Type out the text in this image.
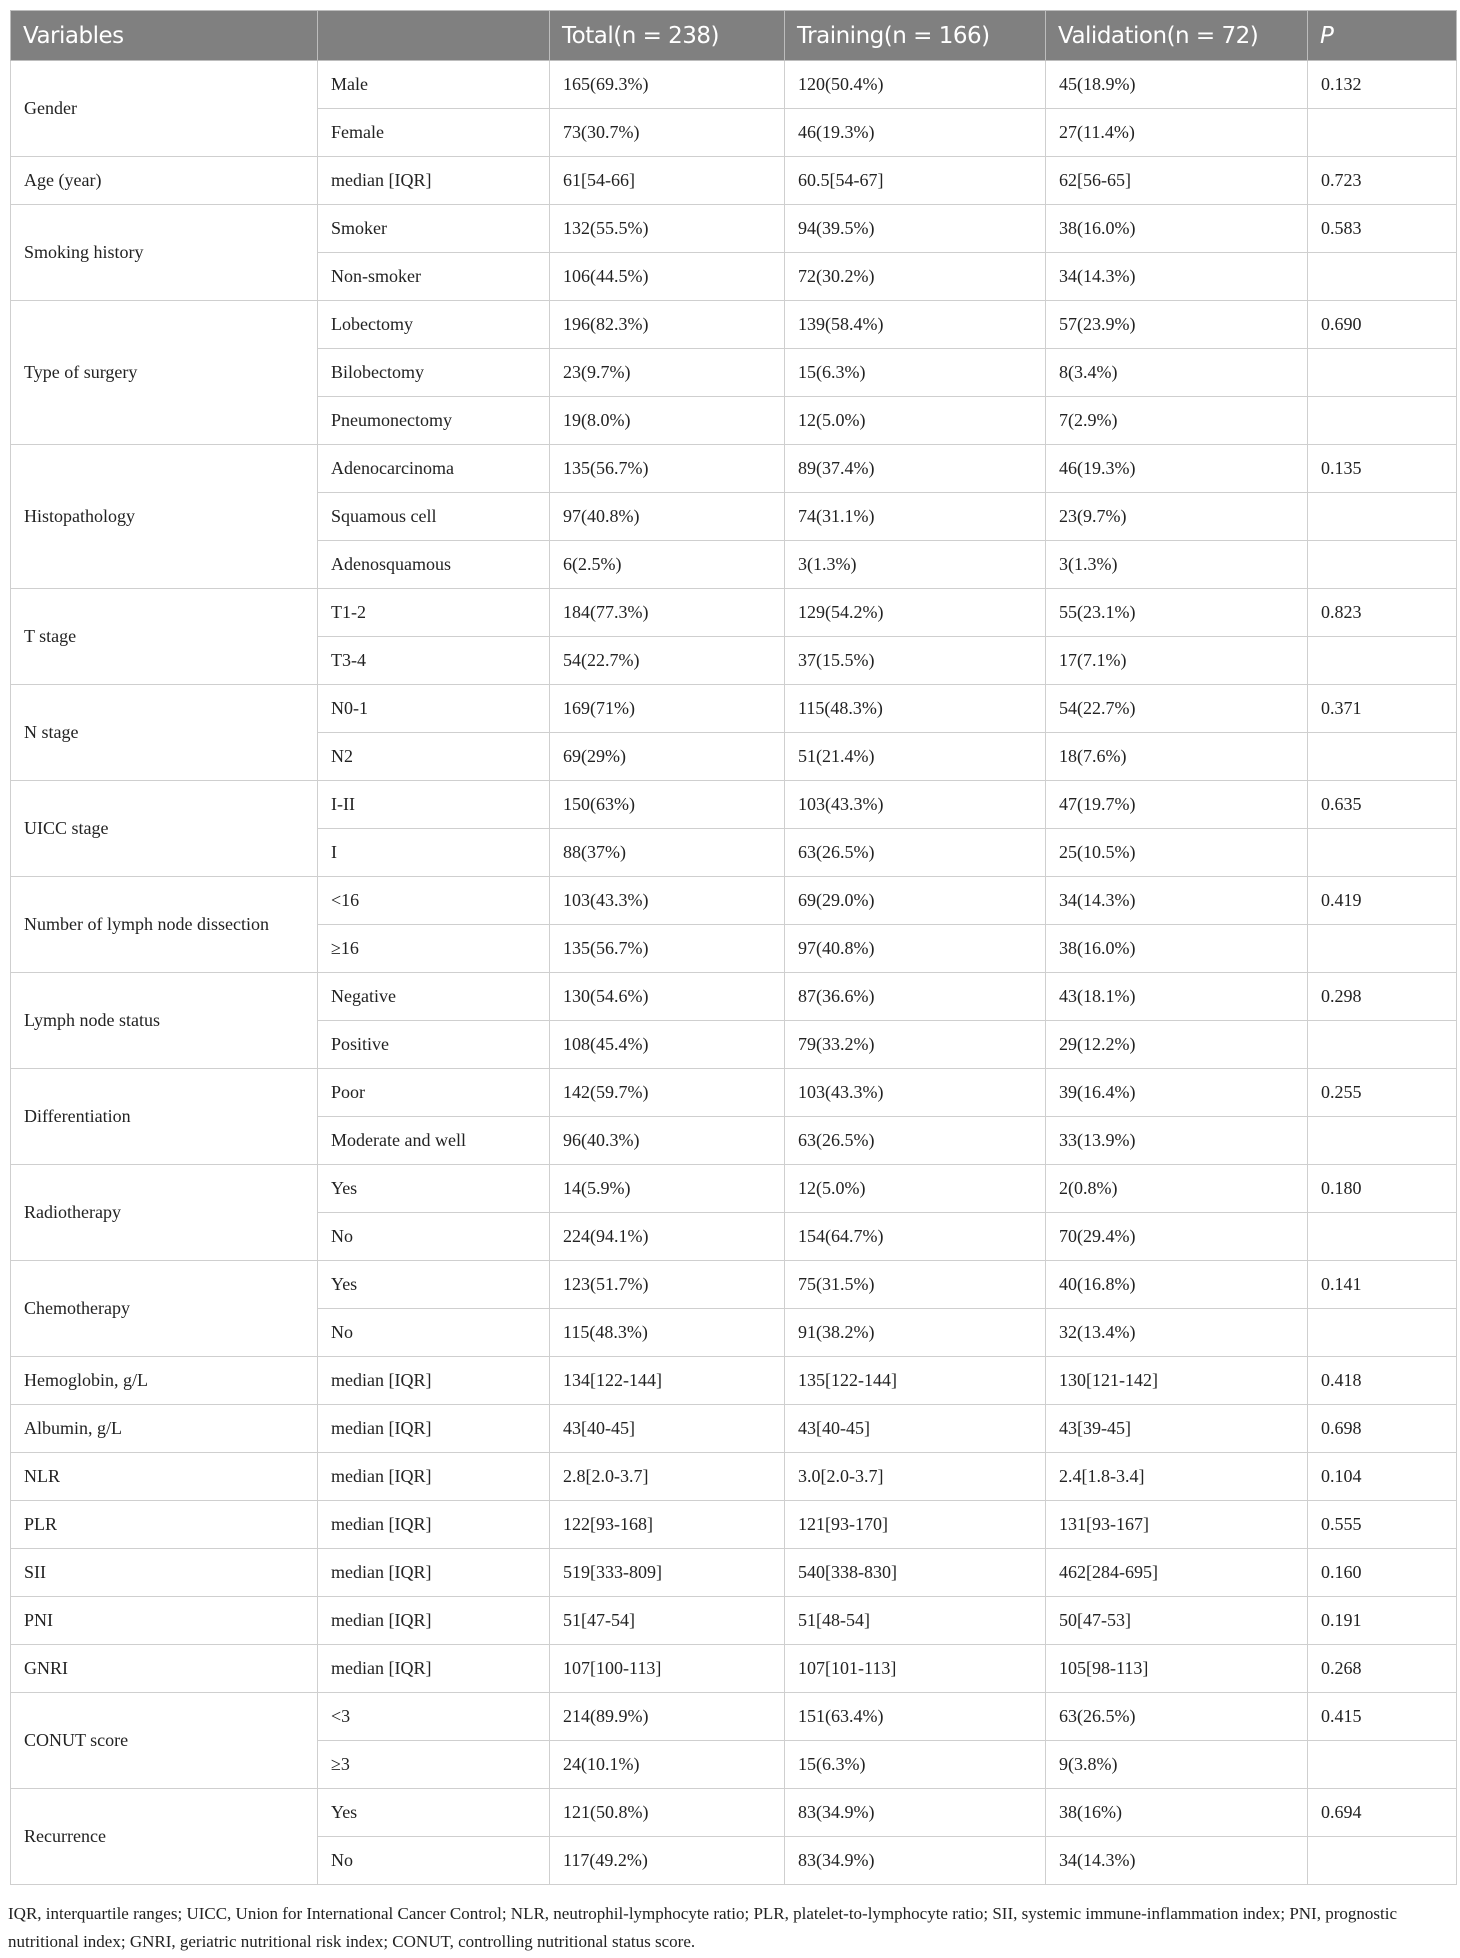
Variables		Total(n = 238)	Training(n = 166)	Validation(n = 72)	P
Gender	Male	165(69.3%)	120(50.4%)	45(18.9%)	0.132
	Female	73(30.7%)	46(19.3%)	27(11.4%)	
Age (year)	median [IQR]	61[54-66]	60.5[54-67]	62[56-65]	0.723
Smoking history	Smoker	132(55.5%)	94(39.5%)	38(16.0%)	0.583
	Non-smoker	106(44.5%)	72(30.2%)	34(14.3%)	
Type of surgery	Lobectomy	196(82.3%)	139(58.4%)	57(23.9%)	0.690
	Bilobectomy	23(9.7%)	15(6.3%)	8(3.4%)	
	Pneumonectomy	19(8.0%)	12(5.0%)	7(2.9%)	
Histopathology	Adenocarcinoma	135(56.7%)	89(37.4%)	46(19.3%)	0.135
	Squamous cell	97(40.8%)	74(31.1%)	23(9.7%)	
	Adenosquamous	6(2.5%)	3(1.3%)	3(1.3%)	
T stage	T1-2	184(77.3%)	129(54.2%)	55(23.1%)	0.823
	T3-4	54(22.7%)	37(15.5%)	17(7.1%)	
N stage	N0-1	169(71%)	115(48.3%)	54(22.7%)	0.371
	N2	69(29%)	51(21.4%)	18(7.6%)	
UICC stage	I-II	150(63%)	103(43.3%)	47(19.7%)	0.635
	I	88(37%)	63(26.5%)	25(10.5%)	
Number of lymph node dissection	<16	103(43.3%)	69(29.0%)	34(14.3%)	0.419
	≥16	135(56.7%)	97(40.8%)	38(16.0%)	
Lymph node status	Negative	130(54.6%)	87(36.6%)	43(18.1%)	0.298
	Positive	108(45.4%)	79(33.2%)	29(12.2%)	
Differentiation	Poor	142(59.7%)	103(43.3%)	39(16.4%)	0.255
	Moderate and well	96(40.3%)	63(26.5%)	33(13.9%)	
Radiotherapy	Yes	14(5.9%)	12(5.0%)	2(0.8%)	0.180
	No	224(94.1%)	154(64.7%)	70(29.4%)	
Chemotherapy	Yes	123(51.7%)	75(31.5%)	40(16.8%)	0.141
	No	115(48.3%)	91(38.2%)	32(13.4%)	
Hemoglobin, g/L	median [IQR]	134[122-144]	135[122-144]	130[121-142]	0.418
Albumin, g/L	median [IQR]	43[40-45]	43[40-45]	43[39-45]	0.698
NLR	median [IQR]	2.8[2.0-3.7]	3.0[2.0-3.7]	2.4[1.8-3.4]	0.104
PLR	median [IQR]	122[93-168]	121[93-170]	131[93-167]	0.555
SII	median [IQR]	519[333-809]	540[338-830]	462[284-695]	0.160
PNI	median [IQR]	51[47-54]	51[48-54]	50[47-53]	0.191
GNRI	median [IQR]	107[100-113]	107[101-113]	105[98-113]	0.268
CONUT score	<3	214(89.9%)	151(63.4%)	63(26.5%)	0.415
	≥3	24(10.1%)	15(6.3%)	9(3.8%)	
Recurrence	Yes	121(50.8%)	83(34.9%)	38(16%)	0.694
	No	117(49.2%)	83(34.9%)	34(14.3%)	
IQR, interquartile ranges; UICC, Union for International Cancer Control; NLR, neutrophil-lymphocyte ratio; PLR, platelet-to-lymphocyte ratio; SII, systemic immune-inflammation index; PNI, prognostic nutritional index; GNRI, geriatric nutritional risk index; CONUT, controlling nutritional status score.
